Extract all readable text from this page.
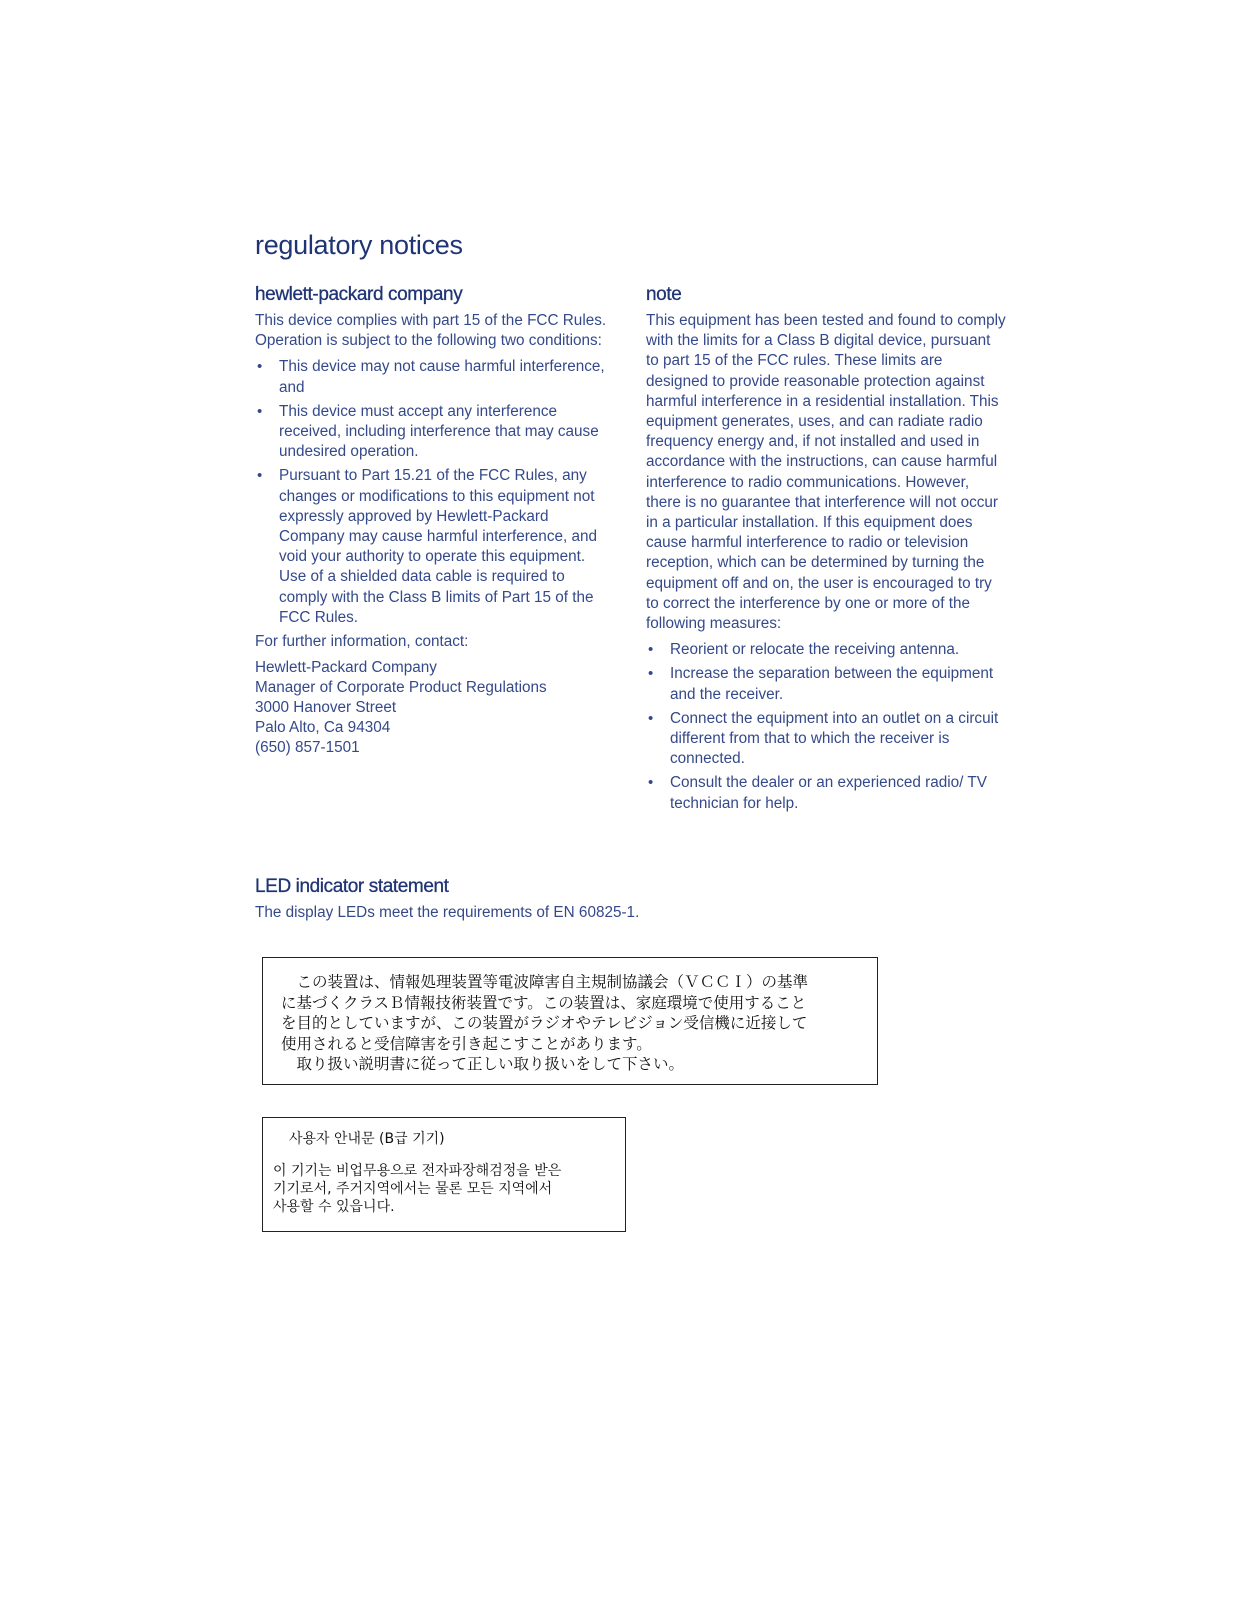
regulatory notices
hewlett-packard company

This device complies with part 15 of the FCC Rules. Operation is subject to the following two conditions:

• This device may not cause harmful interference, and
• This device must accept any interference received, including interference that may cause undesired operation.
• Pursuant to Part 15.21 of the FCC Rules, any changes or modifications to this equipment not expressly approved by Hewlett-Packard Company may cause harmful interference, and void your authority to operate this equipment. Use of a shielded data cable is required to comply with the Class B limits of Part 15 of the FCC Rules.

For further information, contact:

Hewlett-Packard Company
Manager of Corporate Product Regulations
3000 Hanover Street
Palo Alto, Ca 94304
(650) 857-1501
note

This equipment has been tested and found to comply with the limits for a Class B digital device, pursuant to part 15 of the FCC rules. These limits are designed to provide reasonable protection against harmful interference in a residential installation. This equipment generates, uses, and can radiate radio frequency energy and, if not installed and used in accordance with the instructions, can cause harmful interference to radio communications. However, there is no guarantee that interference will not occur in a particular installation. If this equipment does cause harmful interference to radio or television reception, which can be determined by turning the equipment off and on, the user is encouraged to try to correct the interference by one or more of the following measures:

• Reorient or relocate the receiving antenna.
• Increase the separation between the equipment and the receiver.
• Connect the equipment into an outlet on a circuit different from that to which the receiver is connected.
• Consult the dealer or an experienced radio/ TV technician for help.
LED indicator statement

The display LEDs meet the requirements of EN 60825-1.

　この装置は、情報処理装置等電波障害自主規制協議会（ＶＣＣＩ）の基準

に基づくクラスＢ情報技術装置です。この装置は、家庭環境で使用すること

を目的としていますが、この装置がラジオやテレビジョン受信機に近接して

使用されると受信障害を引き起こすことがあります。

　取り扱い説明書に従って正しい取り扱いをして下さい。

사용자 안내문 (B급 기기)

이 기기는 비업무용으로 전자파장해검정을 받은

기기로서, 주거지역에서는 물론 모든 지역에서

사용할 수 있읍니다.
